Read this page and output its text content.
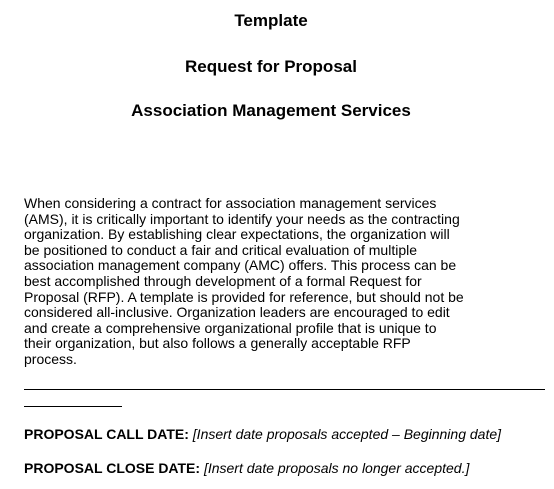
Template
Request for Proposal
Association Management Services
When considering a contract for association management services
(AMS), it is critically important to identify your needs as the contracting
organization. By establishing clear expectations, the organization will
be positioned to conduct a fair and critical evaluation of multiple
association management company (AMC) offers. This process can be
best accomplished through development of a formal Request for
Proposal (RFP). A template is provided for reference, but should not be
considered all-inclusive. Organization leaders are encouraged to edit
and create a comprehensive organizational profile that is unique to
their organization, but also follows a generally acceptable RFP
process.
PROPOSAL CALL DATE: [Insert date proposals accepted – Beginning date]
PROPOSAL CLOSE DATE: [Insert date proposals no longer accepted.]
